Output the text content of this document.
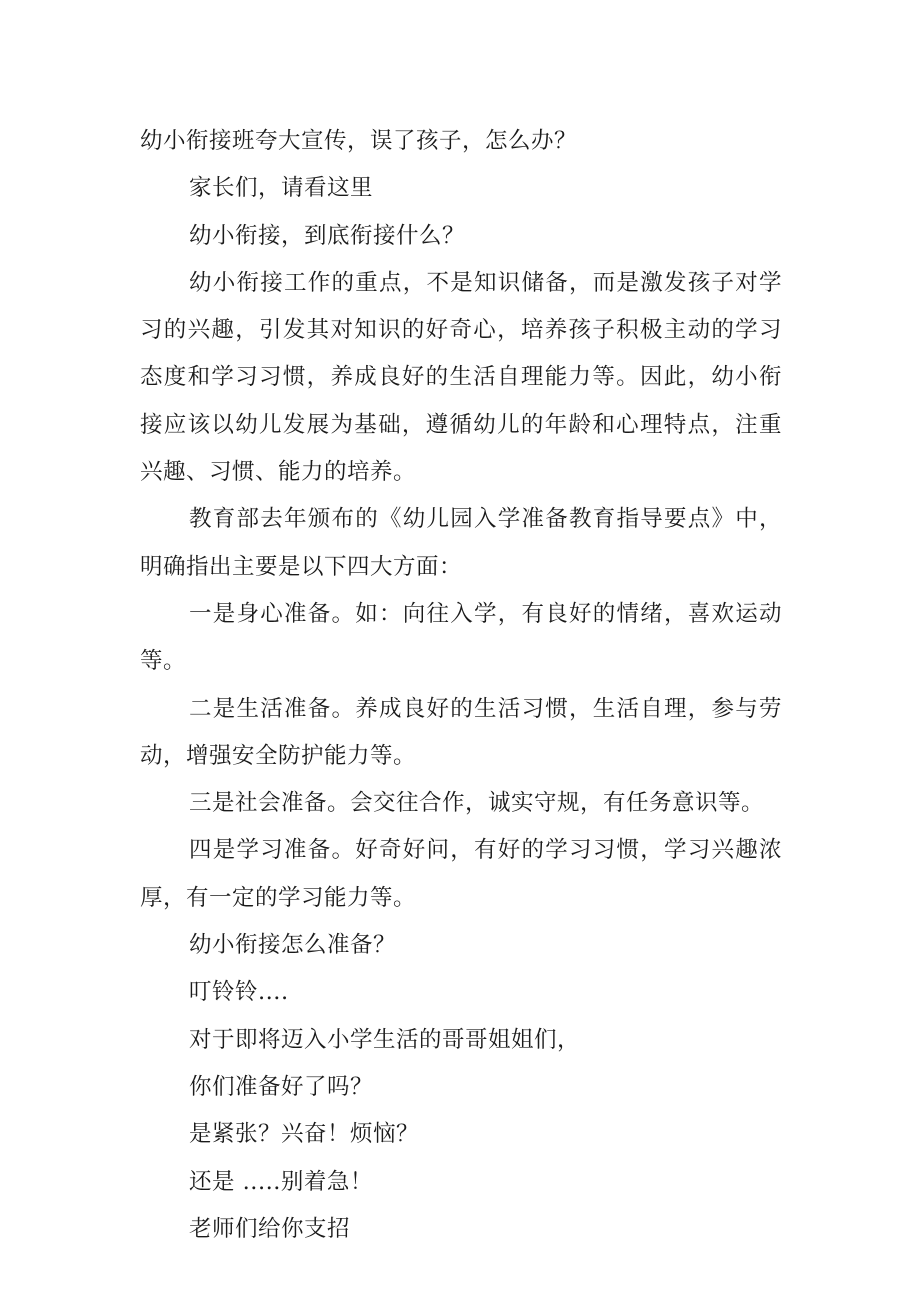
幼小衔接班夸大宣传，误了孩子，怎么办？

家长们，请看这里

幼小衔接，到底衔接什么？

幼小衔接工作的重点，不是知识储备，而是激发孩子对学习的兴趣，引发其对知识的好奇心，培养孩子积极主动的学习态度和学习习惯，养成良好的生活自理能力等。因此，幼小衔接应该以幼儿发展为基础，遵循幼儿的年龄和心理特点，注重兴趣、习惯、能力的培养。

教育部去年颁布的《幼儿园入学准备教育指导要点》中，明确指出主要是以下四大方面：

一是身心准备。如：向往入学，有良好的情绪，喜欢运动等。

二是生活准备。养成良好的生活习惯，生活自理，参与劳动，增强安全防护能力等。

三是社会准备。会交往合作，诚实守规，有任务意识等。

四是学习准备。好奇好问，有好的学习习惯，学习兴趣浓厚，有一定的学习能力等。

幼小衔接怎么准备？

叮铃铃....

对于即将迈入小学生活的哥哥姐姐们，

你们准备好了吗？

是紧张？兴奋！烦恼？

还是 .....别着急！

老师们给你支招
